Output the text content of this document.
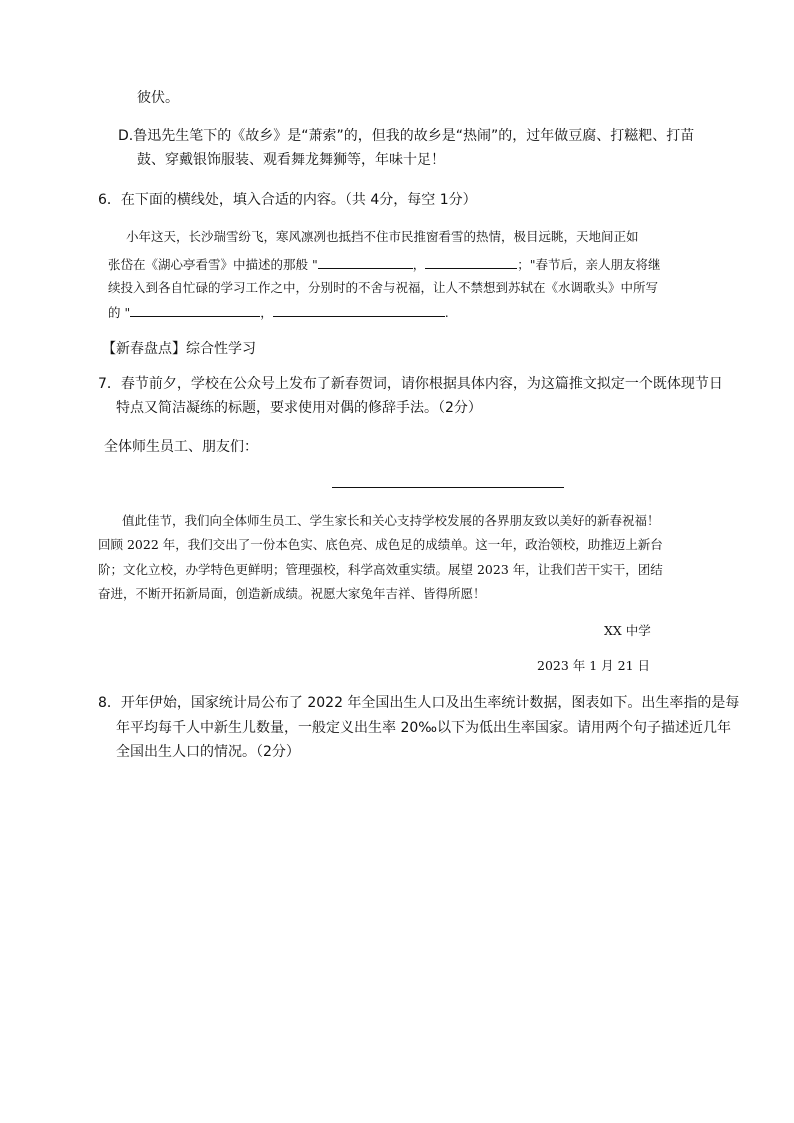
彼伏。
D.鲁迅先生笔下的《故乡》是“萧索”的，但我的故乡是“热闹”的，过年做豆腐、打糍粑、打苗
鼓、穿戴银饰服装、观看舞龙舞狮等，年味十足！
6．在下面的横线处，填入合适的内容。（共 4分，每空 1分）
小年这天，长沙瑞雪纷飞，寒风凛冽也抵挡不住市民推窗看雪的热情，极目远眺，天地间正如
张岱在《湖心亭看雪》中描述的那般 "	，	；"春节后，亲人朋友将继
续投入到各自忙碌的学习工作之中，分别时的不舍与祝福，让人不禁想到苏轼在《水调歌头》中所写
的 "	，	.
【新春盘点】综合性学习
7．春节前夕，学校在公众号上发布了新春贺词，请你根据具体内容，为这篇推文拟定一个既体现节日
特点又简洁凝练的标题，要求使用对偶的修辞手法。（2分）
全体师生员工、朋友们：
值此佳节，我们向全体师生员工、学生家长和关心支持学校发展的各界朋友致以美好的新春祝福！
回顾 2022 年，我们交出了一份本色实、底色亮、成色足的成绩单。这一年，政治领校，助推迈上新台
阶；文化立校，办学特色更鲜明；管理强校，科学高效重实绩。展望 2023 年，让我们苦干实干，团结
奋进，不断开拓新局面，创造新成绩。祝愿大家兔年吉祥、皆得所愿！
XX 中学
2023 年 1 月 21 日
8．开年伊始，国家统计局公布了 2022 年全国出生人口及出生率统计数据，图表如下。出生率指的是每
年平均每千人中新生儿数量，一般定义出生率 20‰以下为低出生率国家。请用两个句子描述近几年
全国出生人口的情况。（2分）
